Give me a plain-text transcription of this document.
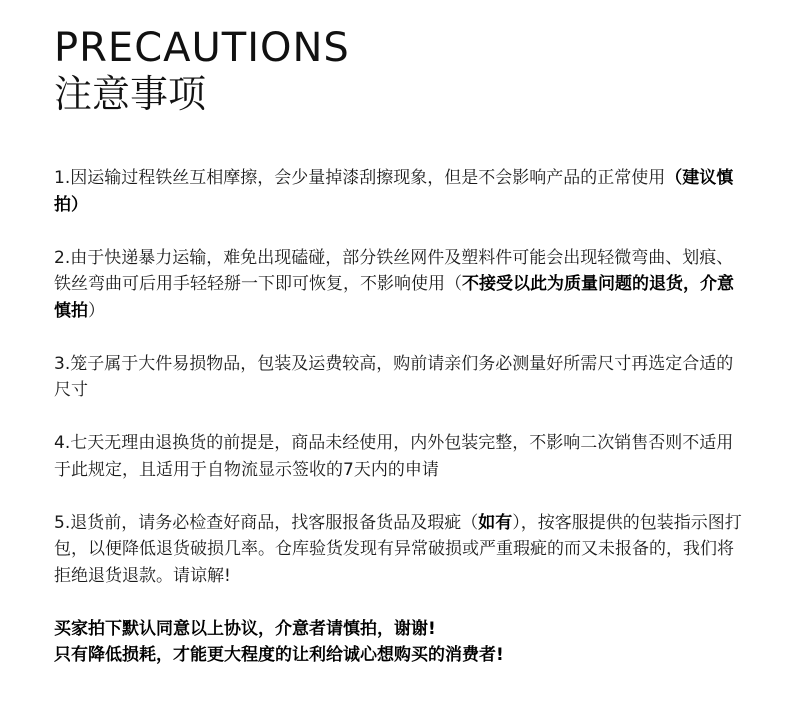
PRECAUTIONS
注意事项

1.因运输过程铁丝互相摩擦，会少量掉漆刮擦现象，但是不会影响产品的正常使用（建议慎拍）

2.由于快递暴力运输，难免出现磕碰，部分铁丝网件及塑料件可能会出现轻微弯曲、划痕、铁丝弯曲可后用手轻轻掰一下即可恢复，不影响使用（不接受以此为质量问题的退货，介意慎拍）

3.笼子属于大件易损物品，包装及运费较高，购前请亲们务必测量好所需尺寸再选定合适的尺寸

4.七天无理由退换货的前提是，商品未经使用，内外包装完整，不影响二次销售否则不适用于此规定，且适用于自物流显示签收的7天内的申请

5.退货前，请务必检查好商品，找客服报备货品及瑕疵（如有），按客服提供的包装指示图打包，以便降低退货破损几率。仓库验货发现有异常破损或严重瑕疵的而又未报备的，我们将拒绝退货退款。请谅解!

买家拍下默认同意以上协议，介意者请慎拍，谢谢!
只有降低损耗，才能更大程度的让利给诚心想购买的消费者!
